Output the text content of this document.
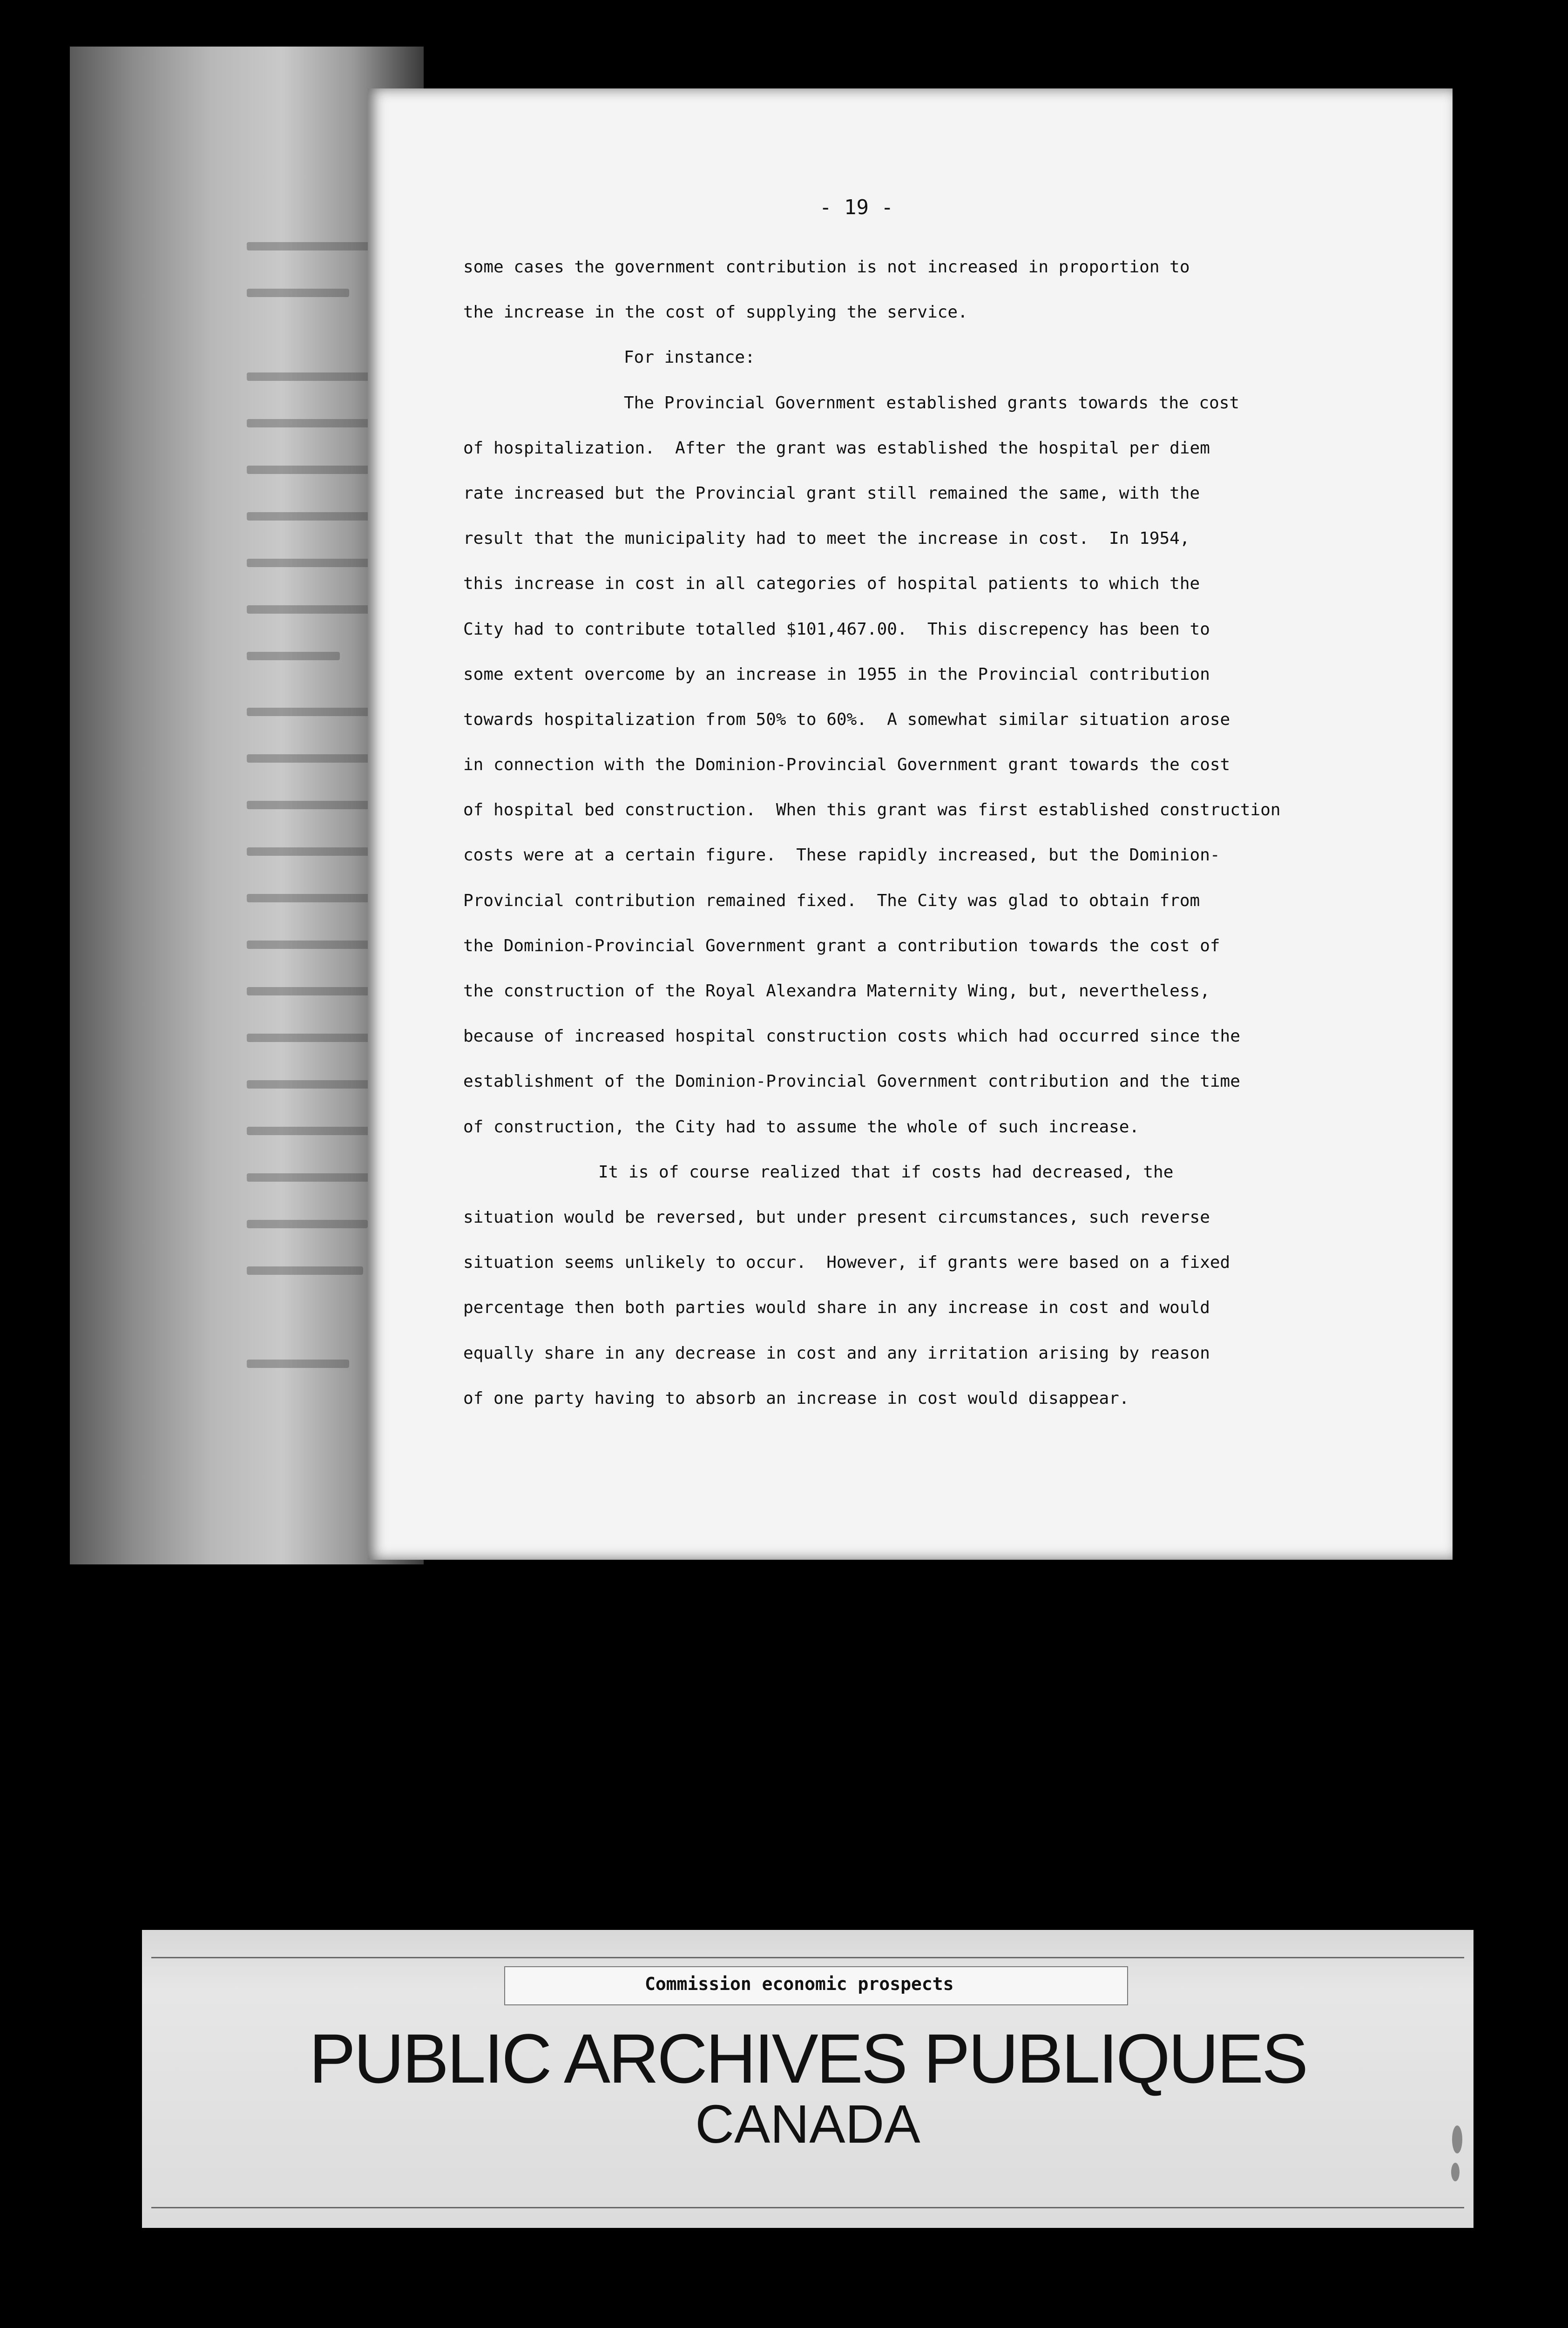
- 19 -
some cases the government contribution is not increased in proportion to
the increase in the cost of supplying the service.
For instance:
The Provincial Government established grants towards the cost
of hospitalization.  After the grant was established the hospital per diem
rate increased but the Provincial grant still remained the same, with the
result that the municipality had to meet the increase in cost.  In 1954,
this increase in cost in all categories of hospital patients to which the
City had to contribute totalled $101,467.00.  This discrepency has been to
some extent overcome by an increase in 1955 in the Provincial contribution
towards hospitalization from 50% to 60%.  A somewhat similar situation arose
in connection with the Dominion-Provincial Government grant towards the cost
of hospital bed construction.  When this grant was first established construction
costs were at a certain figure.  These rapidly increased, but the Dominion-
Provincial contribution remained fixed.  The City was glad to obtain from
the Dominion-Provincial Government grant a contribution towards the cost of
the construction of the Royal Alexandra Maternity Wing, but, nevertheless,
because of increased hospital construction costs which had occurred since the
establishment of the Dominion-Provincial Government contribution and the time
of construction, the City had to assume the whole of such increase.
It is of course realized that if costs had decreased, the
situation would be reversed, but under present circumstances, such reverse
situation seems unlikely to occur.  However, if grants were based on a fixed
percentage then both parties would share in any increase in cost and would
equally share in any decrease in cost and any irritation arising by reason
of one party having to absorb an increase in cost would disappear.
Commission economic prospects
PUBLIC ARCHIVES PUBLIQUES
CANADA
